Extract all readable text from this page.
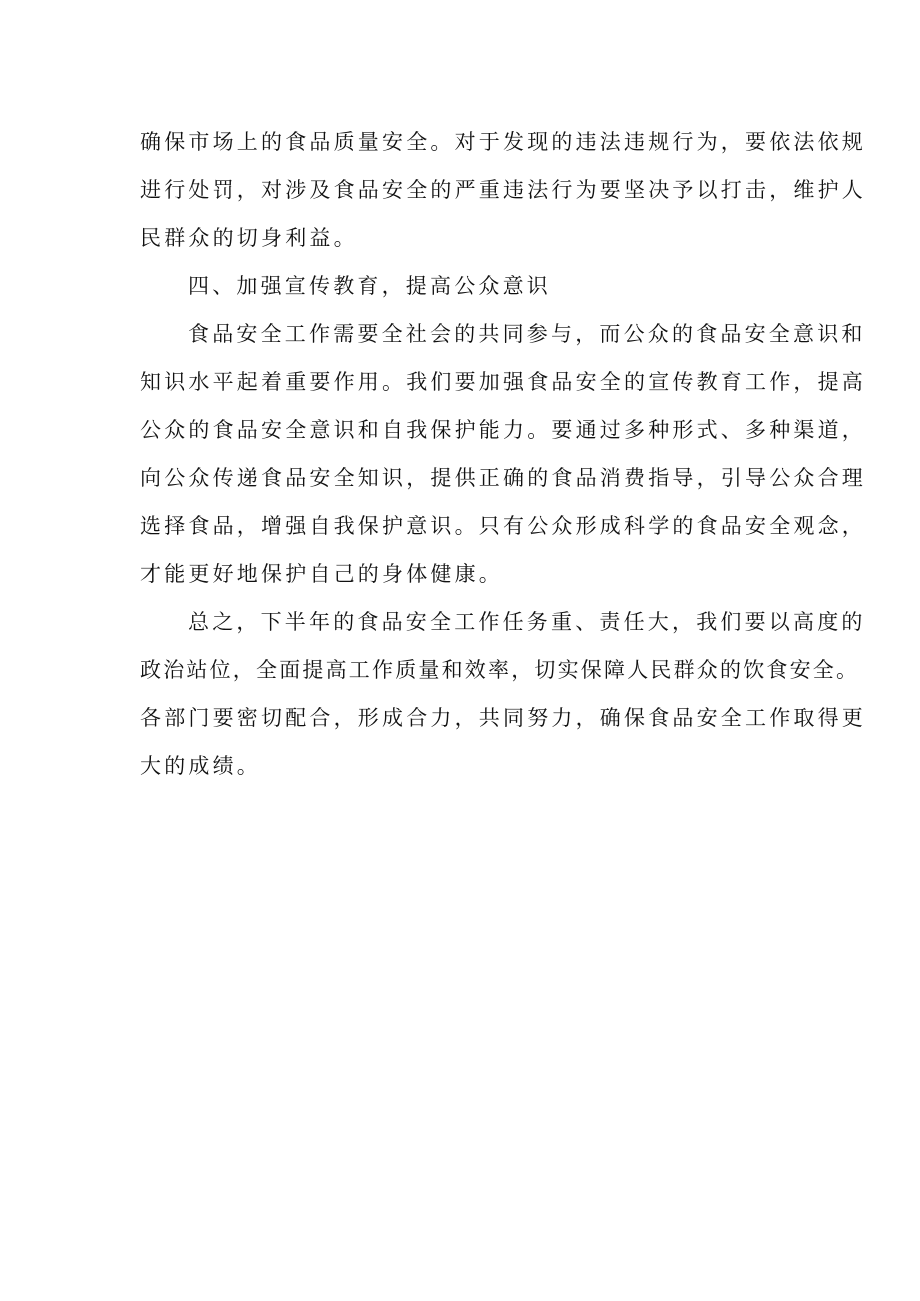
确保市场上的食品质量安全。对于发现的违法违规行为，要依法依规
进行处罚，对涉及食品安全的严重违法行为要坚决予以打击，维护人
民群众的切身利益。
四、加强宣传教育，提高公众意识
食品安全工作需要全社会的共同参与，而公众的食品安全意识和
知识水平起着重要作用。我们要加强食品安全的宣传教育工作，提高
公众的食品安全意识和自我保护能力。要通过多种形式、多种渠道，
向公众传递食品安全知识，提供正确的食品消费指导，引导公众合理
选择食品，增强自我保护意识。只有公众形成科学的食品安全观念，
才能更好地保护自己的身体健康。
总之，下半年的食品安全工作任务重、责任大，我们要以高度的
政治站位，全面提高工作质量和效率，切实保障人民群众的饮食安全。
各部门要密切配合，形成合力，共同努力，确保食品安全工作取得更
大的成绩。
